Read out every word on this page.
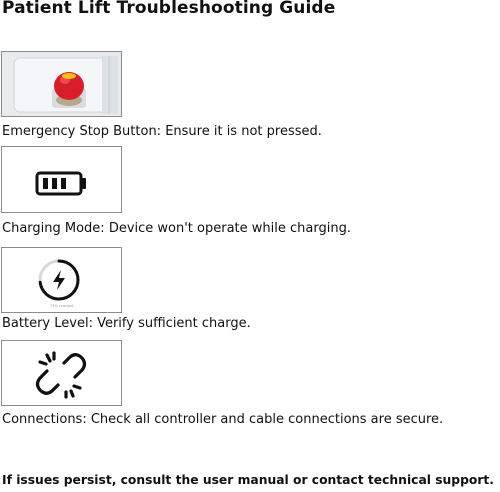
Patient Lift Troubleshooting Guide
Emergency Stop Button: Ensure it is not pressed.
Charging Mode: Device won't operate while charging.
73% charged
Battery Level: Verify sufficient charge.
Connections: Check all controller and cable connections are secure.
If issues persist, consult the user manual or contact technical support.
